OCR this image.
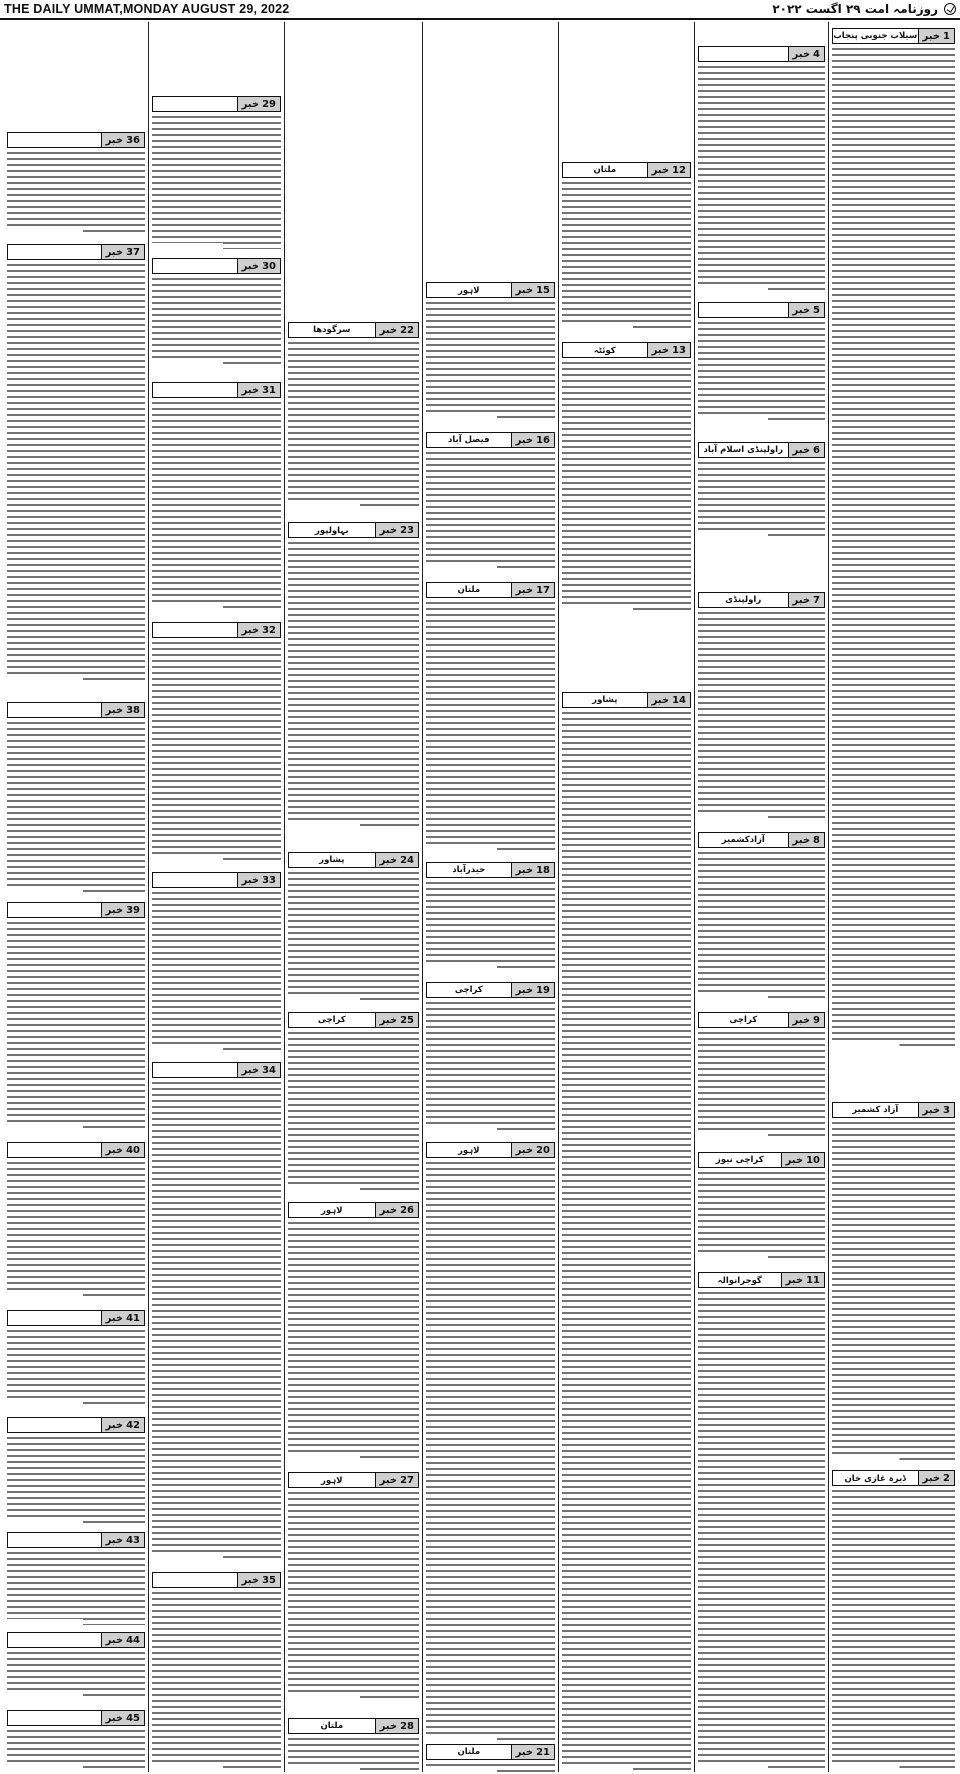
THE DAILY UMMAT,MONDAY AUGUST 29, 2022	روزنامہ امت ۲۹ اگست ۲۰۲۲
خبر 1
سیلاب جنوبی پنجاب
خبر 3
آزاد کشمیر
خبر 2
ڈیرہ غازی خان
خبر 4
خبر 5
خبر 6
راولپنڈی اسلام آباد
خبر 7
راولپنڈی
خبر 8
آزادکشمیر
خبر 9
کراچی
خبر 10
کراچی نیوز
خبر 11
گوجرانوالہ
خبر 12
ملتان
خبر 13
کوئٹہ
خبر 14
پشاور
خبر 15
لاہور
خبر 16
فیصل آباد
خبر 17
ملتان
خبر 18
حیدرآباد
خبر 19
کراچی
خبر 20
لاہور
خبر 21
ملتان
خبر 22
سرگودھا
خبر 23
بہاولپور
خبر 24
پشاور
خبر 25
کراچی
خبر 26
لاہور
خبر 27
لاہور
خبر 28
ملتان
خبر 29
خبر 30
خبر 31
خبر 32
خبر 33
خبر 34
خبر 35
خبر 36
خبر 37
خبر 38
خبر 39
خبر 40
خبر 41
خبر 42
خبر 43
خبر 44
خبر 45
